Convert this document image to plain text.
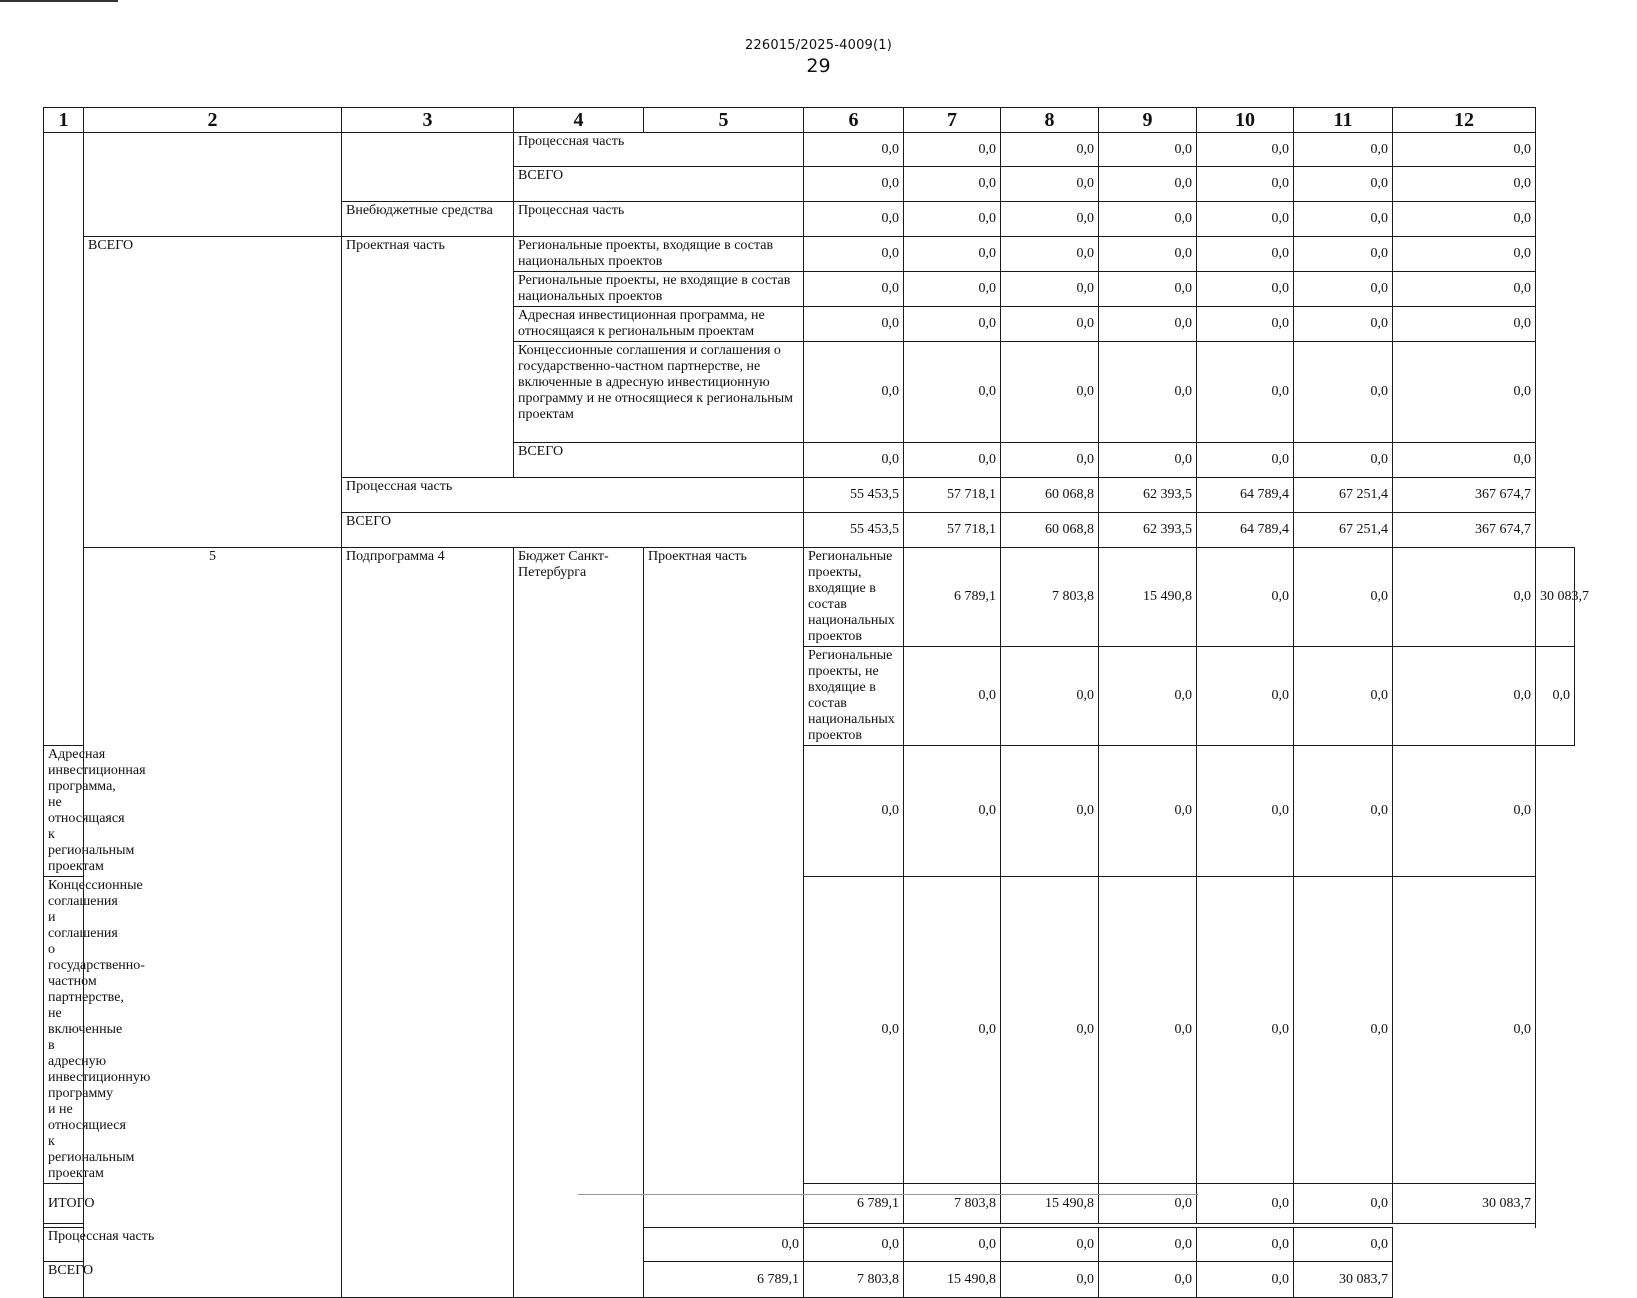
226015/2025-4009(1)
29
1	2	3	4	5	6	7	8	9	10	11	12	
			Процессная часть		0,0	0,0	0,0	0,0	0,0	0,0	0,0	
			ВСЕГО		0,0	0,0	0,0	0,0	0,0	0,0	0,0	
		Внебюджетные средства	Процессная часть		0,0	0,0	0,0	0,0	0,0	0,0	0,0	
	ВСЕГО	Проектная часть	Региональные проекты, входящие в состав национальных проектов		0,0	0,0	0,0	0,0	0,0	0,0	0,0	
			Региональные проекты, не входящие в состав национальных проектов		0,0	0,0	0,0	0,0	0,0	0,0	0,0	
			Адресная инвестиционная программа, не относящаяся к региональным проектам		0,0	0,0	0,0	0,0	0,0	0,0	0,0	
			Концессионные соглашения и соглашения о государственно-частном партнерстве, не включенные в адресную инвестиционную программу и не относящиеся к региональным проектам		0,0	0,0	0,0	0,0	0,0	0,0	0,0	
			ВСЕГО		0,0	0,0	0,0	0,0	0,0	0,0	0,0	
		Процессная часть			55 453,5	57 718,1	60 068,8	62 393,5	64 789,4	67 251,4	367 674,7	
		ВСЕГО			55 453,5	57 718,1	60 068,8	62 393,5	64 789,4	67 251,4	367 674,7	
	5	Подпрограмма 4	Бюджет Санкт-Петербурга	Проектная часть	Региональные проекты, входящие в состав национальных проектов	6 789,1	7 803,8	15 490,8	0,0	0,0	0,0	30 083,7
					Региональные проекты, не входящие в состав национальных проектов	0,0	0,0	0,0	0,0	0,0	0,0	0,0
Адресная инвестиционная программа, не относящаяся к региональным проектам					0,0	0,0	0,0	0,0	0,0	0,0	0,0	
Концессионные соглашения и соглашения о государственно-частном партнерстве, не включенные в адресную инвестиционную программу и не относящиеся к региональным проектам					0,0	0,0	0,0	0,0	0,0	0,0	0,0	
ИТОГО					6 789,1	7 803,8	15 490,8	0,0	0,0	0,0	30 083,7	

Процессная часть				0,0	0,0	0,0	0,0	0,0	0,0	0,0		
ВСЕГО				6 789,1	7 803,8	15 490,8	0,0	0,0	0,0	30 083,7		
